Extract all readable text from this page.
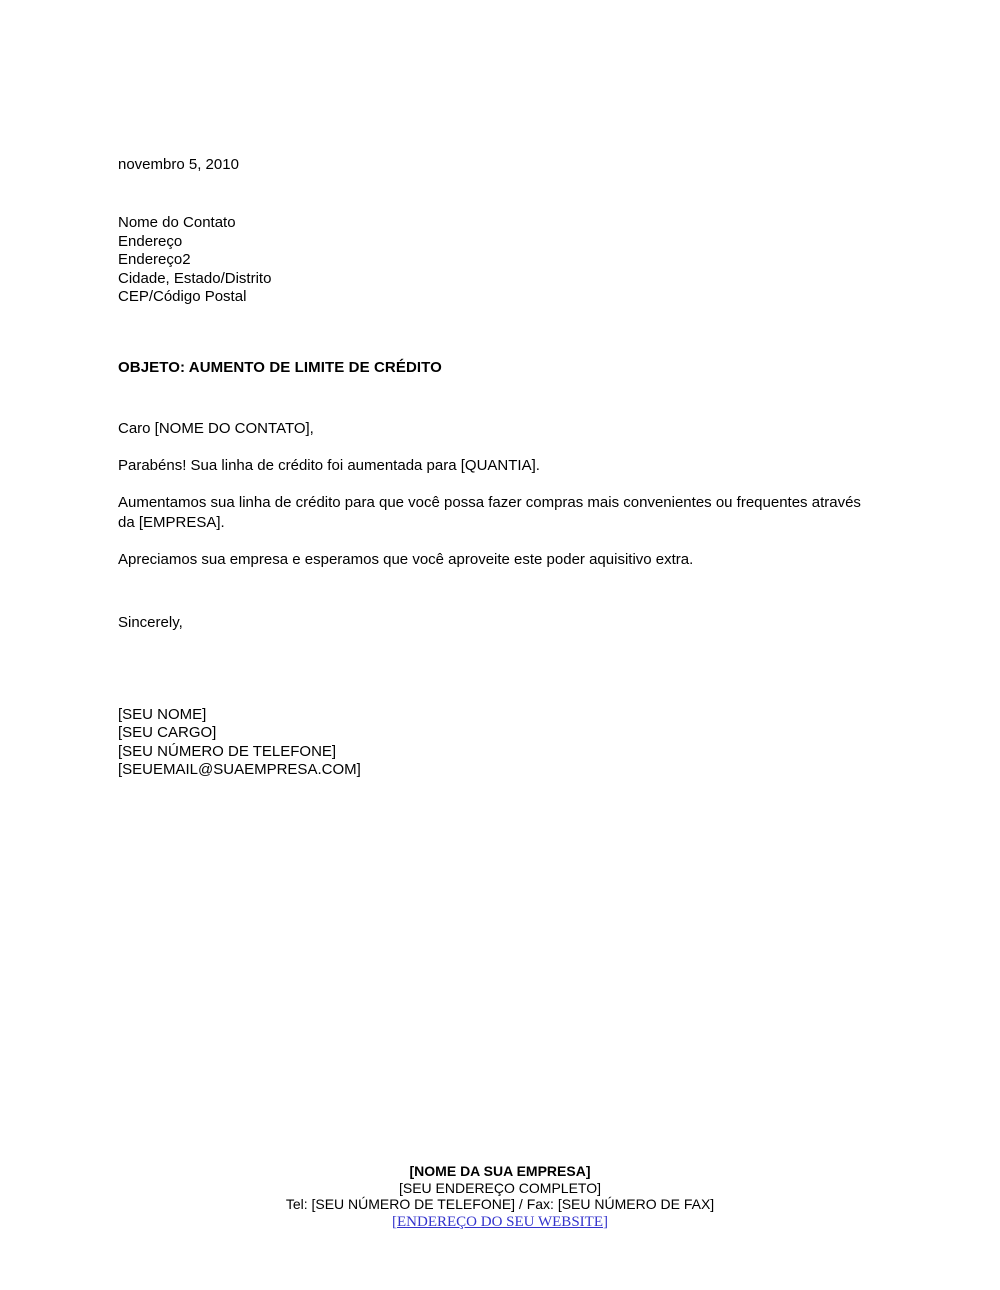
novembro 5, 2010

Nome do Contato
Endereço
Endereço2
Cidade, Estado/Distrito
CEP/Código Postal

OBJETO: AUMENTO DE LIMITE DE CRÉDITO

Caro [NOME DO CONTATO],

Parabéns! Sua linha de crédito foi aumentada para [QUANTIA].

Aumentamos sua linha de crédito para que você possa fazer compras mais convenientes ou frequentes através da [EMPRESA].

Apreciamos sua empresa e esperamos que você aproveite este poder aquisitivo extra.

Sincerely,

[SEU NOME]
[SEU CARGO]
[SEU NÚMERO DE TELEFONE]
[SEUEMAIL@SUAEMPRESA.COM]
[NOME DA SUA EMPRESA]
[SEU ENDEREÇO COMPLETO]
Tel: [SEU NÚMERO DE TELEFONE] / Fax: [SEU NÚMERO DE FAX]
[ENDEREÇO DO SEU WEBSITE]
